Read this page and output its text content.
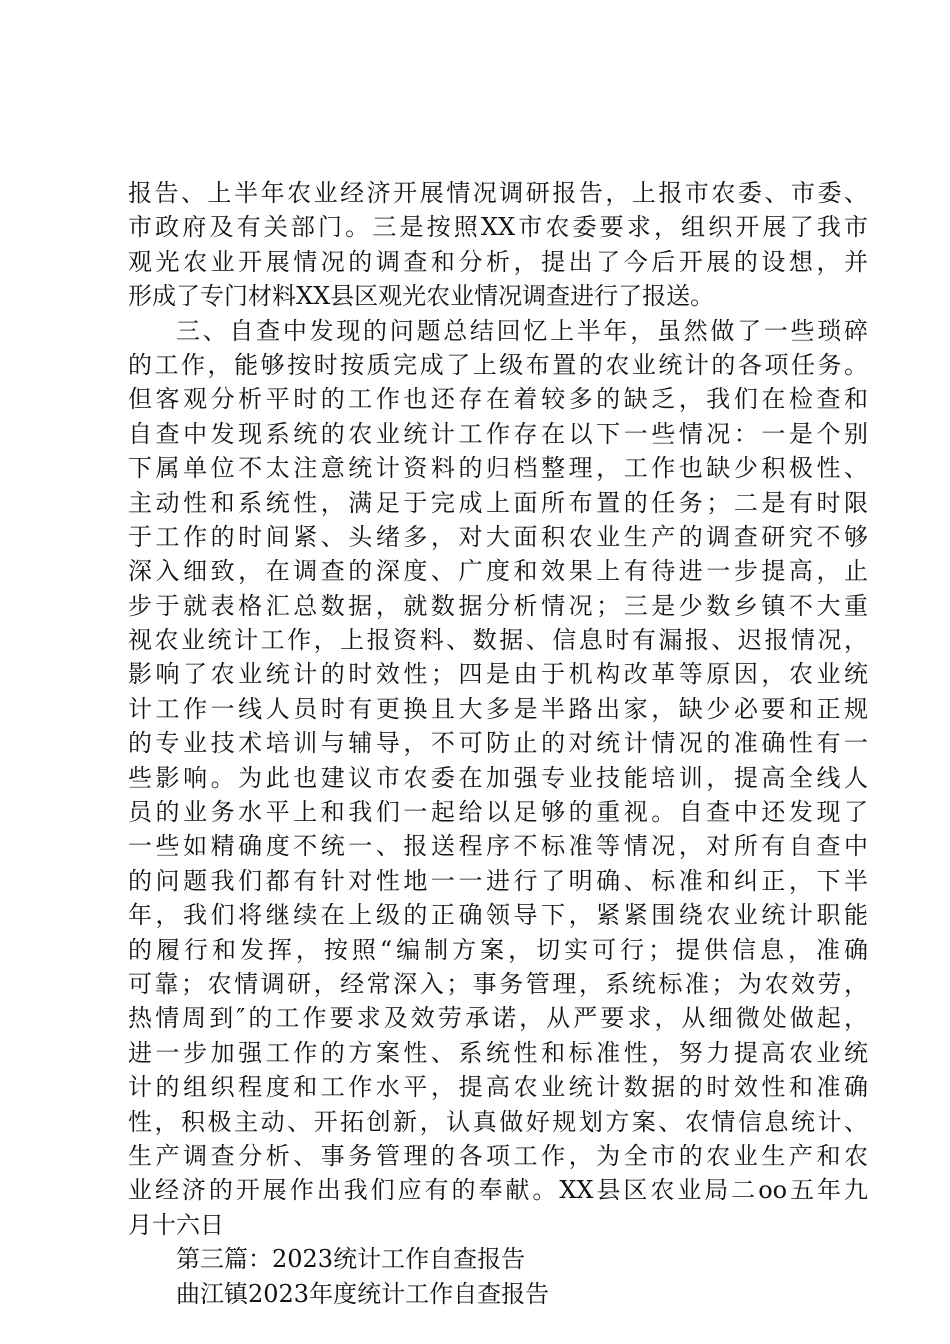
报告、上半年农业经济开展情况调研报告，上报市农委、市委、
市政府及有关部门。三是按照XX市农委要求，组织开展了我市
观光农业开展情况的调查和分析，提出了今后开展的设想，并
形成了专门材料XX县区观光农业情况调查进行了报送。
三、自查中发现的问题总结回忆上半年，虽然做了一些琐碎
的工作，能够按时按质完成了上级布置的农业统计的各项任务。
但客观分析平时的工作也还存在着较多的缺乏，我们在检查和
自查中发现系统的农业统计工作存在以下一些情况：一是个别
下属单位不太注意统计资料的归档整理，工作也缺少积极性、
主动性和系统性，满足于完成上面所布置的任务；二是有时限
于工作的时间紧、头绪多，对大面积农业生产的调查研究不够
深入细致，在调查的深度、广度和效果上有待进一步提高，止
步于就表格汇总数据，就数据分析情况；三是少数乡镇不大重
视农业统计工作，上报资料、数据、信息时有漏报、迟报情况，
影响了农业统计的时效性；四是由于机构改革等原因，农业统
计工作一线人员时有更换且大多是半路出家，缺少必要和正规
的专业技术培训与辅导，不可防止的对统计情况的准确性有一
些影响。为此也建议市农委在加强专业技能培训，提高全线人
员的业务水平上和我们一起给以足够的重视。自查中还发现了
一些如精确度不统一、报送程序不标准等情况，对所有自查中
的问题我们都有针对性地一一进行了明确、标准和纠正，下半
年，我们将继续在上级的正确领导下，紧紧围绕农业统计职能
的履行和发挥，按照“编制方案，切实可行；提供信息，准确
可靠；农情调研，经常深入；事务管理，系统标准；为农效劳，
热情周到″的工作要求及效劳承诺，从严要求，从细微处做起，
进一步加强工作的方案性、系统性和标准性，努力提高农业统
计的组织程度和工作水平，提高农业统计数据的时效性和准确
性，积极主动、开拓创新，认真做好规划方案、农情信息统计、
生产调查分析、事务管理的各项工作，为全市的农业生产和农
业经济的开展作出我们应有的奉献。XX县区农业局二oo五年九
月十六日
第三篇：2023统计工作自查报告
曲江镇2023年度统计工作自查报告
